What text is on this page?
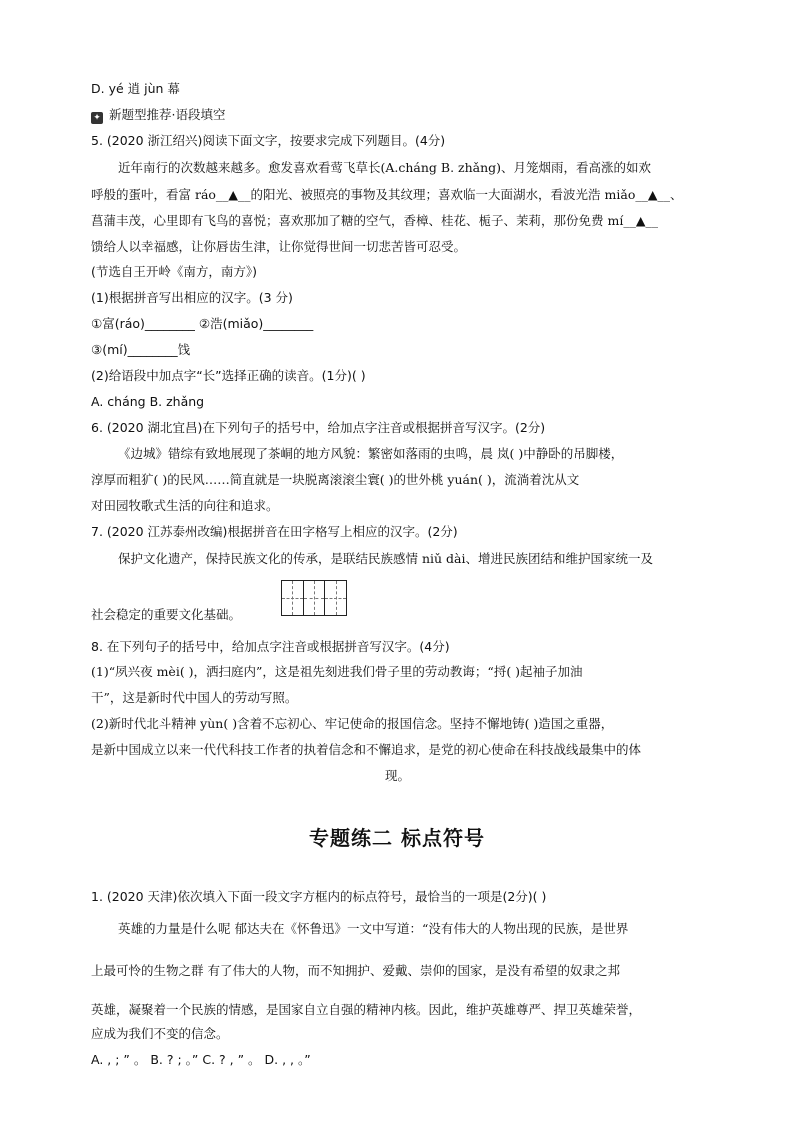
D. yé 逍 jùn 幕
✦ 新题型推荐·语段填空
5. (2020 浙江绍兴)阅读下面文字，按要求完成下列题目。(4分)
近年南行的次数越来越多。愈发喜欢看莺飞草长(A.cháng B. zhǎng)、月笼烟雨，看高涨的如欢
呼般的蛋叶，看富 ráo__▲__的阳光、被照亮的事物及其纹理；喜欢临一大面湖水，看波光浩 miǎo__▲__、
菖蒲丰茂，心里即有飞鸟的喜悦；喜欢那加了糖的空气，香樟、桂花、栀子、茉莉，那份免费 mí__▲__
馈给人以幸福感，让你唇齿生津，让你觉得世间一切悲苦皆可忍受。
(节选自王开岭《南方，南方》)
(1)根据拼音写出相应的汉字。(3 分)
①富(ráo)________ ②浩(miǎo)________
③(mí)________饯
(2)给语段中加点字“长”选择正确的读音。(1分)( )
A. cháng B. zhǎng
6. (2020 湖北宜昌)在下列句子的括号中，给加点字注音或根据拼音写汉字。(2分)
《边城》错综有致地展现了茶峒的地方风貌：繁密如落雨的虫鸣，晨 岚( )中静卧的吊脚楼，
淳厚而粗犷( )的民风……简直就是一块脱离滚滚尘寰( )的世外桃 yuán( )，流淌着沈从文
对田园牧歌式生活的向往和追求。
7. (2020 江苏泰州改编)根据拼音在田字格写上相应的汉字。(2分)
保护文化遗产，保持民族文化的传承，是联结民族感情 niǔ dài、增进民族团结和维护国家统一及
社会稳定的重要文化基础。
8. 在下列句子的括号中，给加点字注音或根据拼音写汉字。(4分)
(1)“夙兴夜 mèi( )，洒扫庭内”，这是祖先刻进我们骨子里的劳动教诲；“捋( )起袖子加油
干”，这是新时代中国人的劳动写照。
(2)新时代北斗精神 yùn( )含着不忘初心、牢记使命的报国信念。坚持不懈地铸( )造国之重器，
是新中国成立以来一代代科技工作者的执着信念和不懈追求，是党的初心使命在科技战线最集中的体
现。
专题练二 标点符号
1. (2020 天津)依次填入下面一段文字方框内的标点符号，最恰当的一项是(2分)( )
英雄的力量是什么呢 郁达夫在《怀鲁迅》一文中写道：“没有伟大的人物出现的民族，是世界
上最可怜的生物之群 有了伟大的人物，而不知拥护、爱戴、崇仰的国家，是没有希望的奴隶之邦
英雄，凝聚着一个民族的情感，是国家自立自强的精神内核。因此，维护英雄尊严、捍卫英雄荣誉，
应成为我们不变的信念。
A. , ; ” 。 B. ? ; 。” C. ? , ” 。 D. , , 。”
